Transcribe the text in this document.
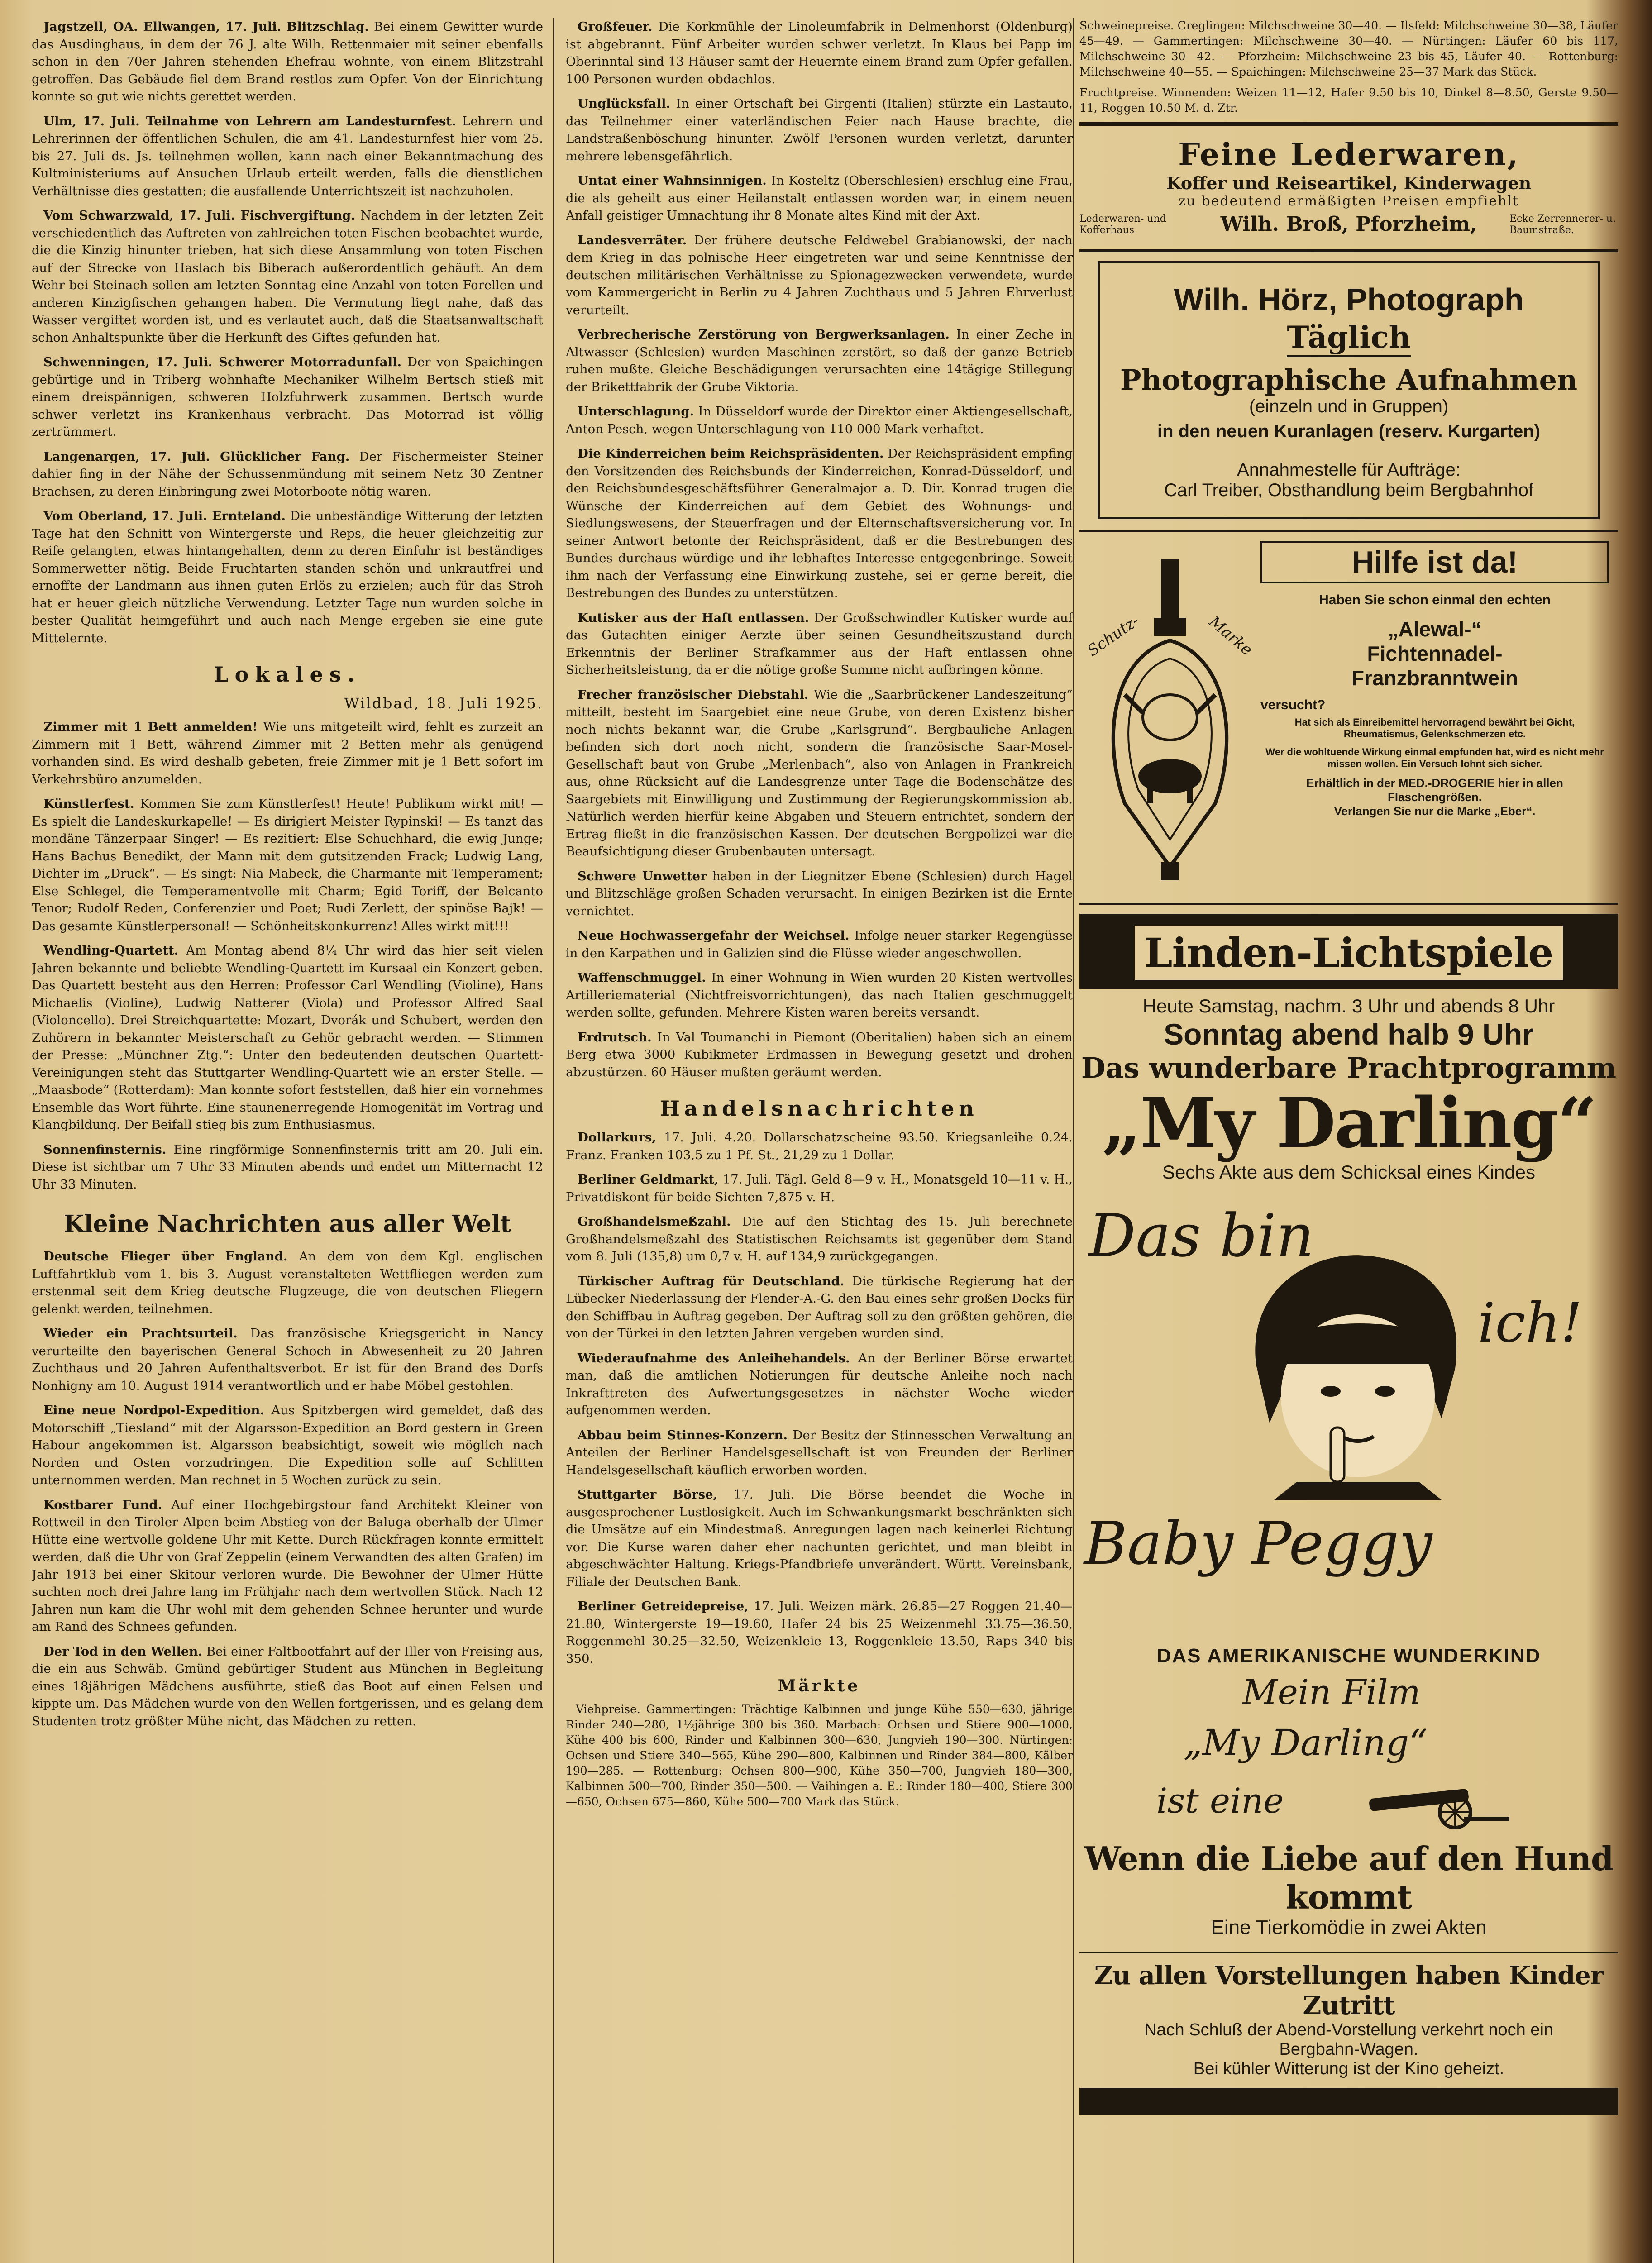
Jagstzell, OA. Ellwangen, 17. Juli. Blitzschlag. Bei einem Gewitter wurde das Ausdinghaus, in dem der 76 J. alte Wilh. Rettenmaier mit seiner ebenfalls schon in den 70er Jahren stehenden Ehefrau wohnte, von einem Blitzstrahl getroffen. Das Gebäude fiel dem Brand restlos zum Opfer. Von der Einrichtung konnte so gut wie nichts gerettet werden.

Ulm, 17. Juli. Teilnahme von Lehrern am Landesturnfest. Lehrern und Lehrerinnen der öffentlichen Schulen, die am 41. Landesturnfest hier vom 25. bis 27. Juli ds. Js. teilnehmen wollen, kann nach einer Bekanntmachung des Kultministeriums auf Ansuchen Urlaub erteilt werden, falls die dienstlichen Verhältnisse dies gestatten; die ausfallende Unterrichtszeit ist nachzuholen.

Vom Schwarzwald, 17. Juli. Fischvergiftung. Nachdem in der letzten Zeit verschiedentlich das Auftreten von zahlreichen toten Fischen beobachtet wurde, die die Kinzig hinunter trieben, hat sich diese Ansammlung von toten Fischen auf der Strecke von Haslach bis Biberach außerordentlich gehäuft. An dem Wehr bei Steinach sollen am letzten Sonntag eine Anzahl von toten Forellen und anderen Kinzigfischen gehangen haben. Die Vermutung liegt nahe, daß das Wasser vergiftet worden ist, und es verlautet auch, daß die Staatsanwaltschaft schon Anhaltspunkte über die Herkunft des Giftes gefunden hat.

Schwenningen, 17. Juli. Schwerer Motorradunfall. Der von Spaichingen gebürtige und in Triberg wohnhafte Mechaniker Wilhelm Bertsch stieß mit einem dreispännigen, schweren Holzfuhrwerk zusammen. Bertsch wurde schwer verletzt ins Krankenhaus verbracht. Das Motorrad ist völlig zertrümmert.

Langenargen, 17. Juli. Glücklicher Fang. Der Fischermeister Steiner dahier fing in der Nähe der Schussenmündung mit seinem Netz 30 Zentner Brachsen, zu deren Einbringung zwei Motorboote nötig waren.

Vom Oberland, 17. Juli. Ernteland. Die unbeständige Witterung der letzten Tage hat den Schnitt von Wintergerste und Reps, die heuer gleichzeitig zur Reife gelangten, etwas hintangehalten, denn zu deren Einfuhr ist beständiges Sommerwetter nötig. Beide Fruchtarten standen schön und unkrautfrei und ernoffte der Landmann aus ihnen guten Erlös zu erzielen; auch für das Stroh hat er heuer gleich nützliche Verwendung. Letzter Tage nun wurden solche in bester Qualität heimgeführt und auch nach Menge ergeben sie eine gute Mittelernte.

Lokales.
Wildbad, 18. Juli 1925.

Zimmer mit 1 Bett anmelden! Wie uns mitgeteilt wird, fehlt es zurzeit an Zimmern mit 1 Bett, während Zimmer mit 2 Betten mehr als genügend vorhanden sind. Es wird deshalb gebeten, freie Zimmer mit je 1 Bett sofort im Verkehrsbüro anzumelden.

Künstlerfest. Kommen Sie zum Künstlerfest! Heute! Publikum wirkt mit! — Es spielt die Landeskurkapelle! — Es dirigiert Meister Rypinski! — Es tanzt das mondäne Tänzerpaar Singer! — Es rezitiert: Else Schuchhard, die ewig Junge; Hans Bachus Benedikt, der Mann mit dem gutsitzenden Frack; Ludwig Lang, Dichter im „Druck“. — Es singt: Nia Mabeck, die Charmante mit Temperament; Else Schlegel, die Temperamentvolle mit Charm; Egid Toriff, der Belcanto Tenor; Rudolf Reden, Conferenzier und Poet; Rudi Zerlett, der spinöse Bajk! — Das gesamte Künstlerpersonal! — Schönheitskonkurrenz! Alles wirkt mit!!!

Wendling-Quartett. Am Montag abend 8¼ Uhr wird das hier seit vielen Jahren bekannte und beliebte Wendling-Quartett im Kursaal ein Konzert geben. Das Quartett besteht aus den Herren: Professor Carl Wendling (Violine), Hans Michaelis (Violine), Ludwig Natterer (Viola) und Professor Alfred Saal (Violoncello). Drei Streichquartette: Mozart, Dvorák und Schubert, werden den Zuhörern in bekannter Meisterschaft zu Gehör gebracht werden. — Stimmen der Presse: „Münchner Ztg.“: Unter den bedeutenden deutschen Quartett-Vereinigungen steht das Stuttgarter Wendling-Quartett wie an erster Stelle. — „Maasbode“ (Rotterdam): Man konnte sofort feststellen, daß hier ein vornehmes Ensemble das Wort führte. Eine staunenerregende Homogenität im Vortrag und Klangbildung. Der Beifall stieg bis zum Enthusiasmus.

Sonnenfinsternis. Eine ringförmige Sonnenfinsternis tritt am 20. Juli ein. Diese ist sichtbar um 7 Uhr 33 Minuten abends und endet um Mitternacht 12 Uhr 33 Minuten.

Kleine Nachrichten aus aller Welt

Deutsche Flieger über England. An dem von dem Kgl. englischen Luftfahrtklub vom 1. bis 3. August veranstalteten Wettfliegen werden zum erstenmal seit dem Krieg deutsche Flugzeuge, die von deutschen Fliegern gelenkt werden, teilnehmen.

Wieder ein Prachtsurteil. Das französische Kriegsgericht in Nancy verurteilte den bayerischen General Schoch in Abwesenheit zu 20 Jahren Zuchthaus und 20 Jahren Aufenthaltsverbot. Er ist für den Brand des Dorfs Nonhigny am 10. August 1914 verantwortlich und er habe Möbel gestohlen.

Eine neue Nordpol-Expedition. Aus Spitzbergen wird gemeldet, daß das Motorschiff „Tiesland“ mit der Algarsson-Expedition an Bord gestern in Green Habour angekommen ist. Algarsson beabsichtigt, soweit wie möglich nach Norden und Osten vorzudringen. Die Expedition solle auf Schlitten unternommen werden. Man rechnet in 5 Wochen zurück zu sein.

Kostbarer Fund. Auf einer Hochgebirgstour fand Architekt Kleiner von Rottweil in den Tiroler Alpen beim Abstieg von der Baluga oberhalb der Ulmer Hütte eine wertvolle goldene Uhr mit Kette. Durch Rückfragen konnte ermittelt werden, daß die Uhr von Graf Zeppelin (einem Verwandten des alten Grafen) im Jahr 1913 bei einer Skitour verloren wurde. Die Bewohner der Ulmer Hütte suchten noch drei Jahre lang im Frühjahr nach dem wertvollen Stück. Nach 12 Jahren nun kam die Uhr wohl mit dem gehenden Schnee herunter und wurde am Rand des Schnees gefunden.

Der Tod in den Wellen. Bei einer Faltbootfahrt auf der Iller von Freising aus, die ein aus Schwäb. Gmünd gebürtiger Student aus München in Begleitung eines 18jährigen Mädchens ausführte, stieß das Boot auf einen Felsen und kippte um. Das Mädchen wurde von den Wellen fortgerissen, und es gelang dem Studenten trotz größter Mühe nicht, das Mädchen zu retten.

Großfeuer. Die Korkmühle der Linoleumfabrik in Delmenhorst (Oldenburg) ist abgebrannt. Fünf Arbeiter wurden schwer verletzt. In Klaus bei Papp im Oberinntal sind 13 Häuser samt der Heuernte einem Brand zum Opfer gefallen. 100 Personen wurden obdachlos.

Unglücksfall. In einer Ortschaft bei Girgenti (Italien) stürzte ein Lastauto, das Teilnehmer einer vaterländischen Feier nach Hause brachte, die Landstraßenböschung hinunter. Zwölf Personen wurden verletzt, darunter mehrere lebensgefährlich.

Untat einer Wahnsinnigen. In Kosteltz (Oberschlesien) erschlug eine Frau, die als geheilt aus einer Heilanstalt entlassen worden war, in einem neuen Anfall geistiger Umnachtung ihr 8 Monate altes Kind mit der Axt.

Landesverräter. Der frühere deutsche Feldwebel Grabianowski, der nach dem Krieg in das polnische Heer eingetreten war und seine Kenntnisse der deutschen militärischen Verhältnisse zu Spionagezwecken verwendete, wurde vom Kammergericht in Berlin zu 4 Jahren Zuchthaus und 5 Jahren Ehrverlust verurteilt.

Verbrecherische Zerstörung von Bergwerksanlagen. In einer Zeche in Altwasser (Schlesien) wurden Maschinen zerstört, so daß der ganze Betrieb ruhen mußte. Gleiche Beschädigungen verursachten eine 14tägige Stillegung der Brikettfabrik der Grube Viktoria.

Unterschlagung. In Düsseldorf wurde der Direktor einer Aktiengesellschaft, Anton Pesch, wegen Unterschlagung von 110 000 Mark verhaftet.

Die Kinderreichen beim Reichspräsidenten. Der Reichspräsident empfing den Vorsitzenden des Reichsbunds der Kinderreichen, Konrad-Düsseldorf, und den Reichsbundesgeschäftsführer Generalmajor a. D. Dir. Konrad trugen die Wünsche der Kinderreichen auf dem Gebiet des Wohnungs- und Siedlungswesens, der Steuerfragen und der Elternschaftsversicherung vor. In seiner Antwort betonte der Reichspräsident, daß er die Bestrebungen des Bundes durchaus würdige und ihr lebhaftes Interesse entgegenbringe. Soweit ihm nach der Verfassung eine Einwirkung zustehe, sei er gerne bereit, die Bestrebungen des Bundes zu unterstützen.

Kutisker aus der Haft entlassen. Der Großschwindler Kutisker wurde auf das Gutachten einiger Aerzte über seinen Gesundheitszustand durch Erkenntnis der Berliner Strafkammer aus der Haft entlassen ohne Sicherheitsleistung, da er die nötige große Summe nicht aufbringen könne.

Frecher französischer Diebstahl. Wie die „Saarbrückener Landeszeitung“ mitteilt, besteht im Saargebiet eine neue Grube, von deren Existenz bisher noch nichts bekannt war, die Grube „Karlsgrund“. Bergbauliche Anlagen befinden sich dort noch nicht, sondern die französische Saar-Mosel-Gesellschaft baut von Grube „Merlenbach“, also von Anlagen in Frankreich aus, ohne Rücksicht auf die Landesgrenze unter Tage die Bodenschätze des Saargebiets mit Einwilligung und Zustimmung der Regierungskommission ab. Natürlich werden hierfür keine Abgaben und Steuern entrichtet, sondern der Ertrag fließt in die französischen Kassen. Der deutschen Bergpolizei war die Beaufsichtigung dieser Grubenbauten untersagt.

Schwere Unwetter haben in der Liegnitzer Ebene (Schlesien) durch Hagel und Blitzschläge großen Schaden verursacht. In einigen Bezirken ist die Ernte vernichtet.

Neue Hochwassergefahr der Weichsel. Infolge neuer starker Regengüsse in den Karpathen und in Galizien sind die Flüsse wieder angeschwollen.

Waffenschmuggel. In einer Wohnung in Wien wurden 20 Kisten wertvolles Artilleriematerial (Nichtfreisvorrichtungen), das nach Italien geschmuggelt werden sollte, gefunden. Mehrere Kisten waren bereits versandt.

Erdrutsch. In Val Toumanchi in Piemont (Oberitalien) haben sich an einem Berg etwa 3000 Kubikmeter Erdmassen in Bewegung gesetzt und drohen abzustürzen. 60 Häuser mußten geräumt werden.

Handelsnachrichten

Dollarkurs, 17. Juli. 4.20. Dollarschatzscheine 93.50. Kriegsanleihe 0.24. Franz. Franken 103,5 zu 1 Pf. St., 21,29 zu 1 Dollar.

Berliner Geldmarkt, 17. Juli. Tägl. Geld 8—9 v. H., Monatsgeld 10—11 v. H., Privatdiskont für beide Sichten 7,875 v. H.

Großhandelsmeßzahl. Die auf den Stichtag des 15. Juli berechnete Großhandelsmeßzahl des Statistischen Reichsamts ist gegenüber dem Stand vom 8. Juli (135,8) um 0,7 v. H. auf 134,9 zurückgegangen.

Türkischer Auftrag für Deutschland. Die türkische Regierung hat der Lübecker Niederlassung der Flender-A.-G. den Bau eines sehr großen Docks für den Schiffbau in Auftrag gegeben. Der Auftrag soll zu den größten gehören, die von der Türkei in den letzten Jahren vergeben wurden sind.

Wiederaufnahme des Anleihehandels. An der Berliner Börse erwartet man, daß die amtlichen Notierungen für deutsche Anleihe noch nach Inkrafttreten des Aufwertungsgesetzes in nächster Woche wieder aufgenommen werden.

Abbau beim Stinnes-Konzern. Der Besitz der Stinnesschen Verwaltung an Anteilen der Berliner Handelsgesellschaft ist von Freunden der Berliner Handelsgesellschaft käuflich erworben worden.

Stuttgarter Börse, 17. Juli. Die Börse beendet die Woche in ausgesprochener Lustlosigkeit. Auch im Schwankungsmarkt beschränkten sich die Umsätze auf ein Mindestmaß. Anregungen lagen nach keinerlei Richtung vor. Die Kurse waren daher eher nachunten gerichtet, und man bleibt in abgeschwächter Haltung. Kriegs-Pfandbriefe unverändert. Württ. Vereinsbank, Filiale der Deutschen Bank.

Berliner Getreidepreise, 17. Juli. Weizen märk. 26.85—27 Roggen 21.40—21.80, Wintergerste 19—19.60, Hafer 24 bis 25 Weizenmehl 33.75—36.50, Roggenmehl 30.25—32.50, Weizenkleie 13, Roggenkleie 13.50, Raps 340 bis 350.

Märkte

Viehpreise. Gammertingen: Trächtige Kalbinnen und junge Kühe 550—630, jährige Rinder 240—280, 1½jährige 300 bis 360. Marbach: Ochsen und Stiere 900—1000, Kühe 400 bis 600, Rinder und Kalbinnen 300—630, Jungvieh 190—300. Nürtingen: Ochsen und Stiere 340—565, Kühe 290—800, Kalbinnen und Rinder 384—800, Kälber 190—285. — Rottenburg: Ochsen 800—900, Kühe 350—700, Jungvieh 180—300, Kalbinnen 500—700, Rinder 350—500. — Vaihingen a. E.: Rinder 180—400, Stiere 300—650, Ochsen 675—860, Kühe 500—700 Mark das Stück.

Schweinepreise. Creglingen: Milchschweine 30—40. — Ilsfeld: Milchschweine 30—38, Läufer 45—49. — Gammertingen: Milchschweine 30—40. — Nürtingen: Läufer 60 bis 117, Milchschweine 30—42. — Pforzheim: Milchschweine 23 bis 45, Läufer 40. — Rottenburg: Milchschweine 40—55. — Spaichingen: Milchschweine 25—37 Mark das Stück.

Fruchtpreise. Winnenden: Weizen 11—12, Hafer 9.50 bis 10, Dinkel 8—8.50, Gerste 9.50—11, Roggen 10.50 M. d. Ztr.

Feine Lederwaren,
Koffer und Reiseartikel, Kinderwagen
zu bedeutend ermäßigten Preisen empfiehlt
Lederwaren- und Kofferhaus	Wilh. Broß, Pforzheim,	Ecke Zerrennerer- u. Baumstraße.
Wilh. Hörz, Photograph
Täglich
Photographische Aufnahmen
(einzeln und in Gruppen)
in den neuen Kuranlagen (reserv. Kurgarten)
Annahmestelle für Aufträge:
Carl Treiber, Obsthandlung beim Bergbahnhof
Schutz-	Marke
Hilfe ist da!
Haben Sie schon einmal den echten
„Alewal-“
Fichtennadel-
Franzbranntwein
versucht?
Hat sich als Einreibemittel hervorragend bewährt bei Gicht, Rheumatismus, Gelenkschmerzen etc.
Wer die wohltuende Wirkung einmal empfunden hat, wird es nicht mehr missen wollen. Ein Versuch lohnt sich sicher.
Erhältlich in der MED.-DROGERIE hier in allen Flaschengrößen.
Verlangen Sie nur die Marke „Eber“.
Linden-Lichtspiele
Heute Samstag, nachm. 3 Uhr und abends 8 Uhr
Sonntag abend halb 9 Uhr
Das wunderbare Prachtprogramm
„My Darling“
Sechs Akte aus dem Schicksal eines Kindes
Das bin
ich!
Baby Peggy
DAS AMERIKANISCHE WUNDERKIND
Mein Film
„My Darling“
ist eine
Wenn die Liebe auf den Hund kommt
Eine Tierkomödie in zwei Akten
Zu allen Vorstellungen haben Kinder Zutritt
Nach Schluß der Abend-Vorstellung verkehrt noch ein Bergbahn-Wagen.
Bei kühler Witterung ist der Kino geheizt.
